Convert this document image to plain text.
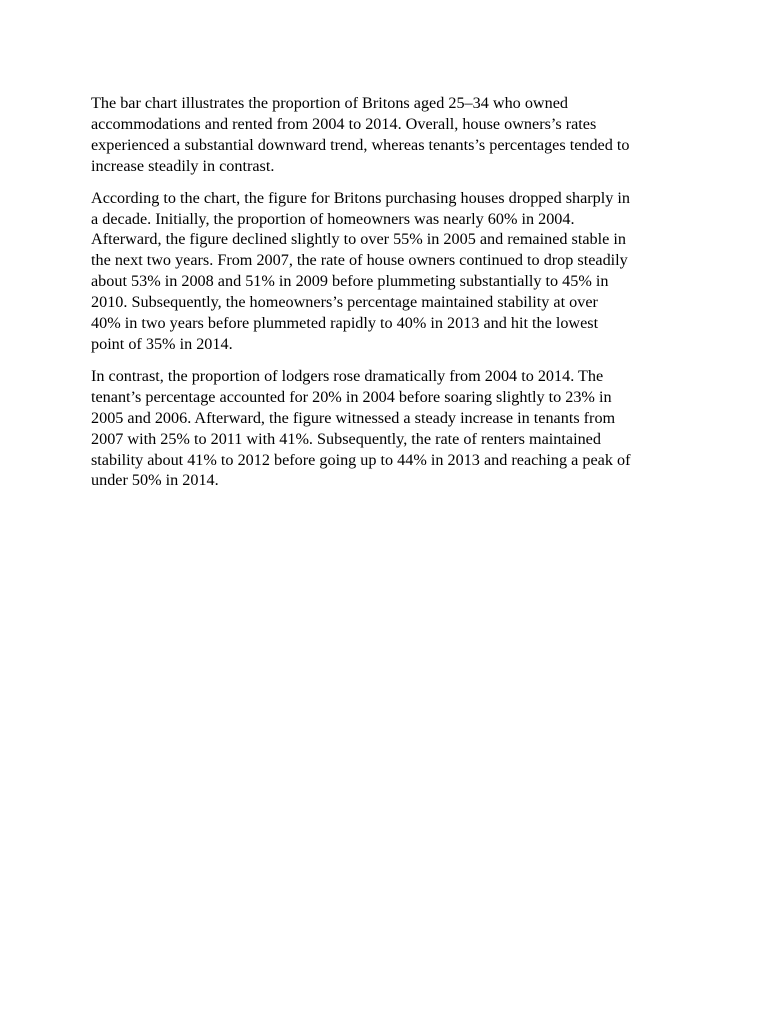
The bar chart illustrates the proportion of Britons aged 25–34 who owned
accommodations and rented from 2004 to 2014. Overall, house owners’s rates
experienced a substantial downward trend, whereas tenants’s percentages tended to
increase steadily in contrast.

According to the chart, the figure for Britons purchasing houses dropped sharply in
a decade. Initially, the proportion of homeowners was nearly 60% in 2004.
Afterward, the figure declined slightly to over 55% in 2005 and remained stable in
the next two years. From 2007, the rate of house owners continued to drop steadily
about 53% in 2008 and 51% in 2009 before plummeting substantially to 45% in
2010. Subsequently, the homeowners’s percentage maintained stability at over
40% in two years before plummeted rapidly to 40% in 2013 and hit the lowest
point of 35% in 2014.

In contrast, the proportion of lodgers rose dramatically from 2004 to 2014. The
tenant’s percentage accounted for 20% in 2004 before soaring slightly to 23% in
2005 and 2006. Afterward, the figure witnessed a steady increase in tenants from
2007 with 25% to 2011 with 41%. Subsequently, the rate of renters maintained
stability about 41% to 2012 before going up to 44% in 2013 and reaching a peak of
under 50% in 2014.
